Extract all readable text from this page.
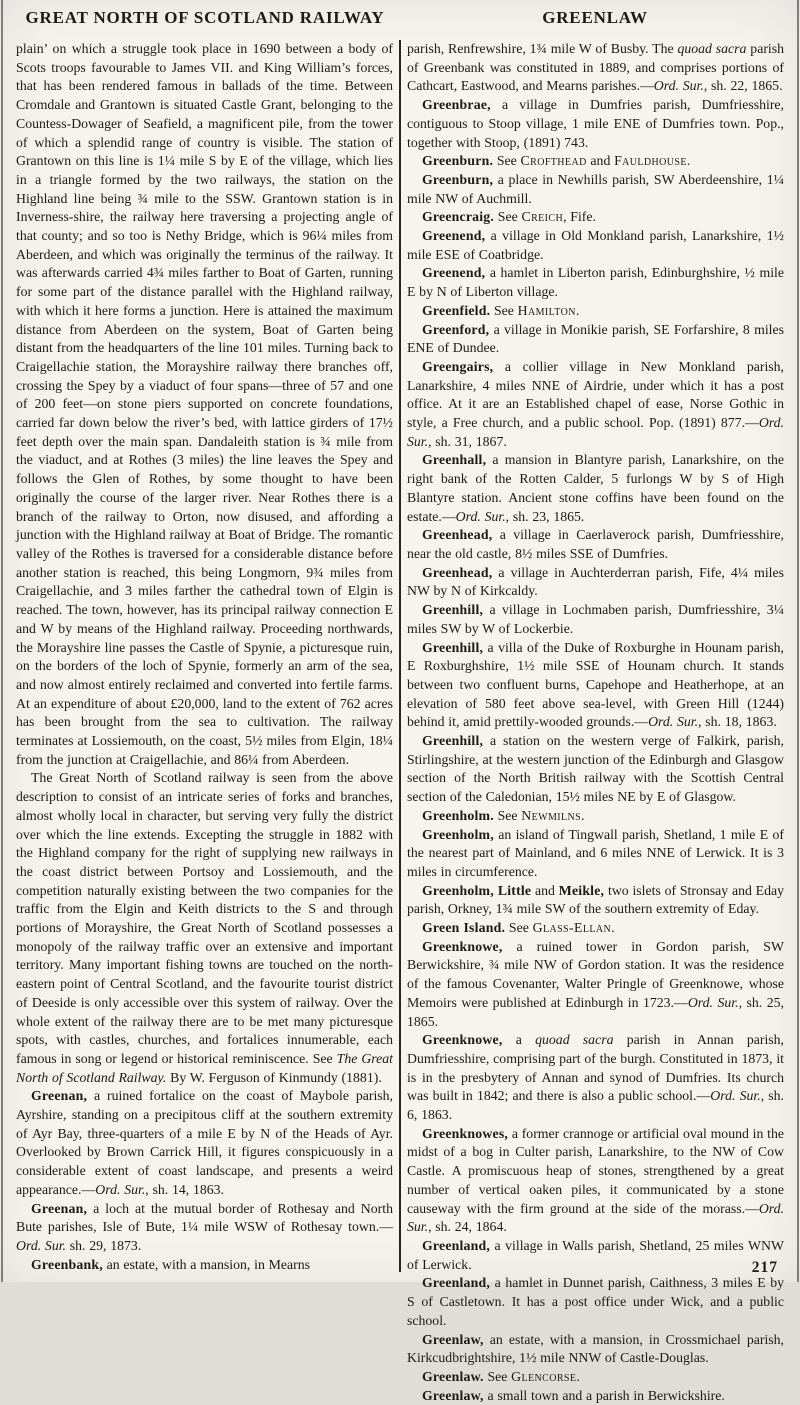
GREAT NORTH OF SCOTLAND RAILWAY	GREENLAW

plain’ on which a struggle took place in 1690 between a body of Scots troops favourable to James VII. and King William’s forces, that has been rendered famous in ballads of the time. Between Cromdale and Grantown is situated Castle Grant, belonging to the Countess-Dowager of Seafield, a magnificent pile, from the tower of which a splendid range of country is visible. The station of Grantown on this line is 1¼ mile S by E of the village, which lies in a triangle formed by the two railways, the station on the Highland line being ¾ mile to the SSW. Grantown station is in Inverness-shire, the railway here traversing a projecting angle of that county; and so too is Nethy Bridge, which is 96¼ miles from Aberdeen, and which was originally the terminus of the railway. It was afterwards carried 4¾ miles farther to Boat of Garten, running for some part of the distance parallel with the Highland railway, with which it here forms a junction. Here is attained the maximum distance from Aberdeen on the system, Boat of Garten being distant from the headquarters of the line 101 miles. Turning back to Craigellachie station, the Morayshire railway there branches off, crossing the Spey by a viaduct of four spans—three of 57 and one of 200 feet—on stone piers supported on concrete foundations, carried far down below the river’s bed, with lattice girders of 17½ feet depth over the main span. Dandaleith station is ¾ mile from the viaduct, and at Rothes (3 miles) the line leaves the Spey and follows the Glen of Rothes, by some thought to have been originally the course of the larger river. Near Rothes there is a branch of the railway to Orton, now disused, and affording a junction with the Highland railway at Boat of Bridge. The romantic valley of the Rothes is traversed for a considerable distance before another station is reached, this being Longmorn, 9¾ miles from Craigellachie, and 3 miles farther the cathedral town of Elgin is reached. The town, however, has its principal railway connection E and W by means of the Highland railway. Proceeding northwards, the Morayshire line passes the Castle of Spynie, a picturesque ruin, on the borders of the loch of Spynie, formerly an arm of the sea, and now almost entirely reclaimed and converted into fertile farms. At an expenditure of about £20,000, land to the extent of 762 acres has been brought from the sea to cultivation. The railway terminates at Lossiemouth, on the coast, 5½ miles from Elgin, 18¼ from the junction at Craigellachie, and 86¼ from Aberdeen.

The Great North of Scotland railway is seen from the above description to consist of an intricate series of forks and branches, almost wholly local in character, but serving very fully the district over which the line extends. Excepting the struggle in 1882 with the Highland company for the right of supplying new railways in the coast district between Portsoy and Lossiemouth, and the competition naturally existing between the two companies for the traffic from the Elgin and Keith districts to the S and through portions of Morayshire, the Great North of Scotland possesses a monopoly of the railway traffic over an extensive and important territory. Many important fishing towns are touched on the north-eastern point of Central Scotland, and the favourite tourist district of Deeside is only accessible over this system of railway. Over the whole extent of the railway there are to be met many picturesque spots, with castles, churches, and fortalices innumerable, each famous in song or legend or historical reminiscence. See The Great North of Scotland Railway. By W. Ferguson of Kinmundy (1881).

Greenan, a ruined fortalice on the coast of Maybole parish, Ayrshire, standing on a precipitous cliff at the southern extremity of Ayr Bay, three-quarters of a mile E by N of the Heads of Ayr. Overlooked by Brown Carrick Hill, it figures conspicuously in a considerable extent of coast landscape, and presents a weird appearance.—Ord. Sur., sh. 14, 1863.

Greenan, a loch at the mutual border of Rothesay and North Bute parishes, Isle of Bute, 1¼ mile WSW of Rothesay town.—Ord. Sur. sh. 29, 1873.

Greenbank, an estate, with a mansion, in Mearns

parish, Renfrewshire, 1¾ mile W of Busby. The quoad sacra parish of Greenbank was constituted in 1889, and comprises portions of Cathcart, Eastwood, and Mearns parishes.—Ord. Sur., sh. 22, 1865.

Greenbrae, a village in Dumfries parish, Dumfriesshire, contiguous to Stoop village, 1 mile ENE of Dumfries town. Pop., together with Stoop, (1891) 743.

Greenburn. See Crofthead and Fauldhouse.

Greenburn, a place in Newhills parish, SW Aberdeenshire, 1¼ mile NW of Auchmill.

Greencraig. See Creich, Fife.

Greenend, a village in Old Monkland parish, Lanarkshire, 1½ mile ESE of Coatbridge.

Greenend, a hamlet in Liberton parish, Edinburghshire, ½ mile E by N of Liberton village.

Greenfield. See Hamilton.

Greenford, a village in Monikie parish, SE Forfarshire, 8 miles ENE of Dundee.

Greengairs, a collier village in New Monkland parish, Lanarkshire, 4 miles NNE of Airdrie, under which it has a post office. At it are an Established chapel of ease, Norse Gothic in style, a Free church, and a public school. Pop. (1891) 877.—Ord. Sur., sh. 31, 1867.

Greenhall, a mansion in Blantyre parish, Lanarkshire, on the right bank of the Rotten Calder, 5 furlongs W by S of High Blantyre station. Ancient stone coffins have been found on the estate.—Ord. Sur., sh. 23, 1865.

Greenhead, a village in Caerlaverock parish, Dumfriesshire, near the old castle, 8½ miles SSE of Dumfries.

Greenhead, a village in Auchterderran parish, Fife, 4¼ miles NW by N of Kirkcaldy.

Greenhill, a village in Lochmaben parish, Dumfriesshire, 3¼ miles SW by W of Lockerbie.

Greenhill, a villa of the Duke of Roxburghe in Hounam parish, E Roxburghshire, 1½ mile SSE of Hounam church. It stands between two confluent burns, Capehope and Heatherhope, at an elevation of 580 feet above sea-level, with Green Hill (1244) behind it, amid prettily-wooded grounds.—Ord. Sur., sh. 18, 1863.

Greenhill, a station on the western verge of Falkirk, parish, Stirlingshire, at the western junction of the Edinburgh and Glasgow section of the North British railway with the Scottish Central section of the Caledonian, 15½ miles NE by E of Glasgow.

Greenholm. See Newmilns.

Greenholm, an island of Tingwall parish, Shetland, 1 mile E of the nearest part of Mainland, and 6 miles NNE of Lerwick. It is 3 miles in circumference.

Greenholm, Little and Meikle, two islets of Stronsay and Eday parish, Orkney, 1¾ mile SW of the southern extremity of Eday.

Green Island. See Glass-Ellan.

Greenknowe, a ruined tower in Gordon parish, SW Berwickshire, ¾ mile NW of Gordon station. It was the residence of the famous Covenanter, Walter Pringle of Greenknowe, whose Memoirs were published at Edinburgh in 1723.—Ord. Sur., sh. 25, 1865.

Greenknowe, a quoad sacra parish in Annan parish, Dumfriesshire, comprising part of the burgh. Constituted in 1873, it is in the presbytery of Annan and synod of Dumfries. Its church was built in 1842; and there is also a public school.—Ord. Sur., sh. 6, 1863.

Greenknowes, a former crannoge or artificial oval mound in the midst of a bog in Culter parish, Lanarkshire, to the NW of Cow Castle. A promiscuous heap of stones, strengthened by a great number of vertical oaken piles, it communicated by a stone causeway with the firm ground at the side of the morass.—Ord. Sur., sh. 24, 1864.

Greenland, a village in Walls parish, Shetland, 25 miles WNW of Lerwick.

Greenland, a hamlet in Dunnet parish, Caithness, 3 miles E by S of Castletown. It has a post office under Wick, and a public school.

Greenlaw, an estate, with a mansion, in Crossmichael parish, Kirkcudbrightshire, 1½ mile NNW of Castle-Douglas.

Greenlaw. See Glencorse.

Greenlaw, a small town and a parish in Berwickshire.

217
